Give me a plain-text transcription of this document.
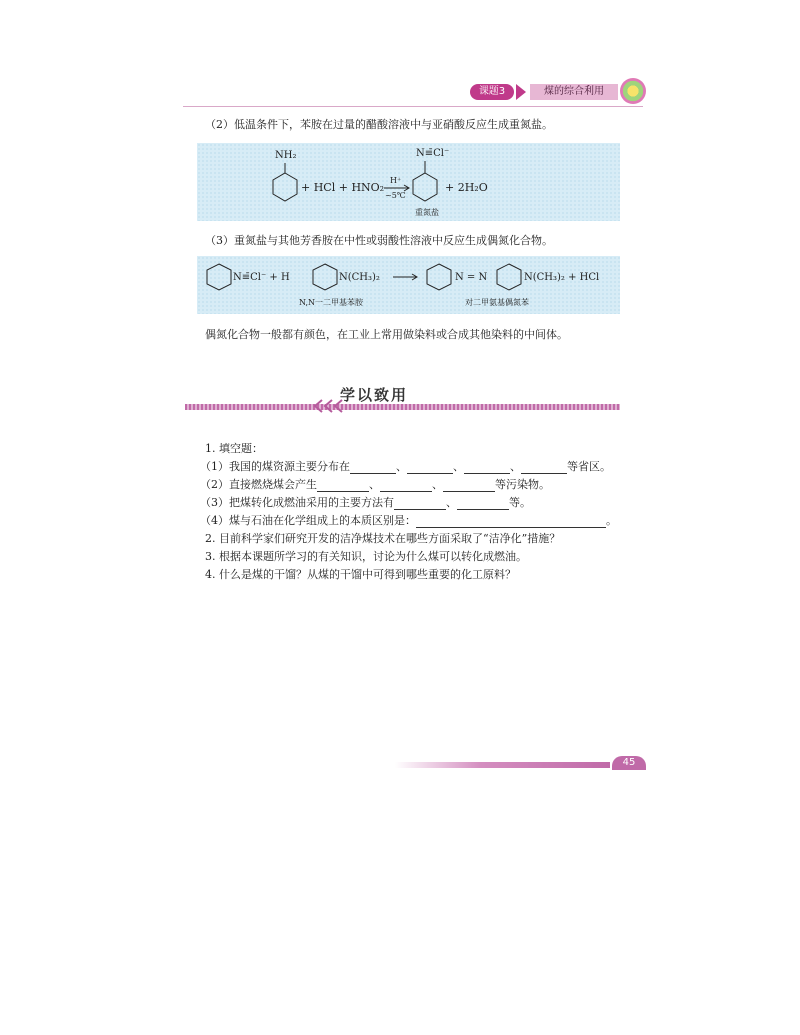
课题3	煤的综合利用
（2）低温条件下，苯胺在过量的醋酸溶液中与亚硝酸反应生成重氮盐。
NH₂
+ HCl + HNO₂
H⁺
~5℃
N≡̄Cl⁻
+ 2H₂O
重氮盐
（3）重氮盐与其他芳香胺在中性或弱酸性溶液中反应生成偶氮化合物。
N≡̄Cl⁻ + H	N(CH₃)₂	N = N	N(CH₃)₂ + HCl
N,N一二甲基苯胺	对二甲氨基偶氮苯
偶氮化合物一般都有颜色，在工业上常用做染料或合成其他染料的中间体。
学以致用
1. 填空题：
（1）我国的煤资源主要分布在	、	、	、	等省区。
（2）直接燃烧煤会产生	、	、	等污染物。
（3）把煤转化成燃油采用的主要方法有	、	等。
（4）煤与石油在化学组成上的本质区别是：	。
2. 目前科学家们研究开发的洁净煤技术在哪些方面采取了“洁净化”措施？
3. 根据本课题所学习的有关知识，讨论为什么煤可以转化成燃油。
4. 什么是煤的干馏？从煤的干馏中可得到哪些重要的化工原料？
45
